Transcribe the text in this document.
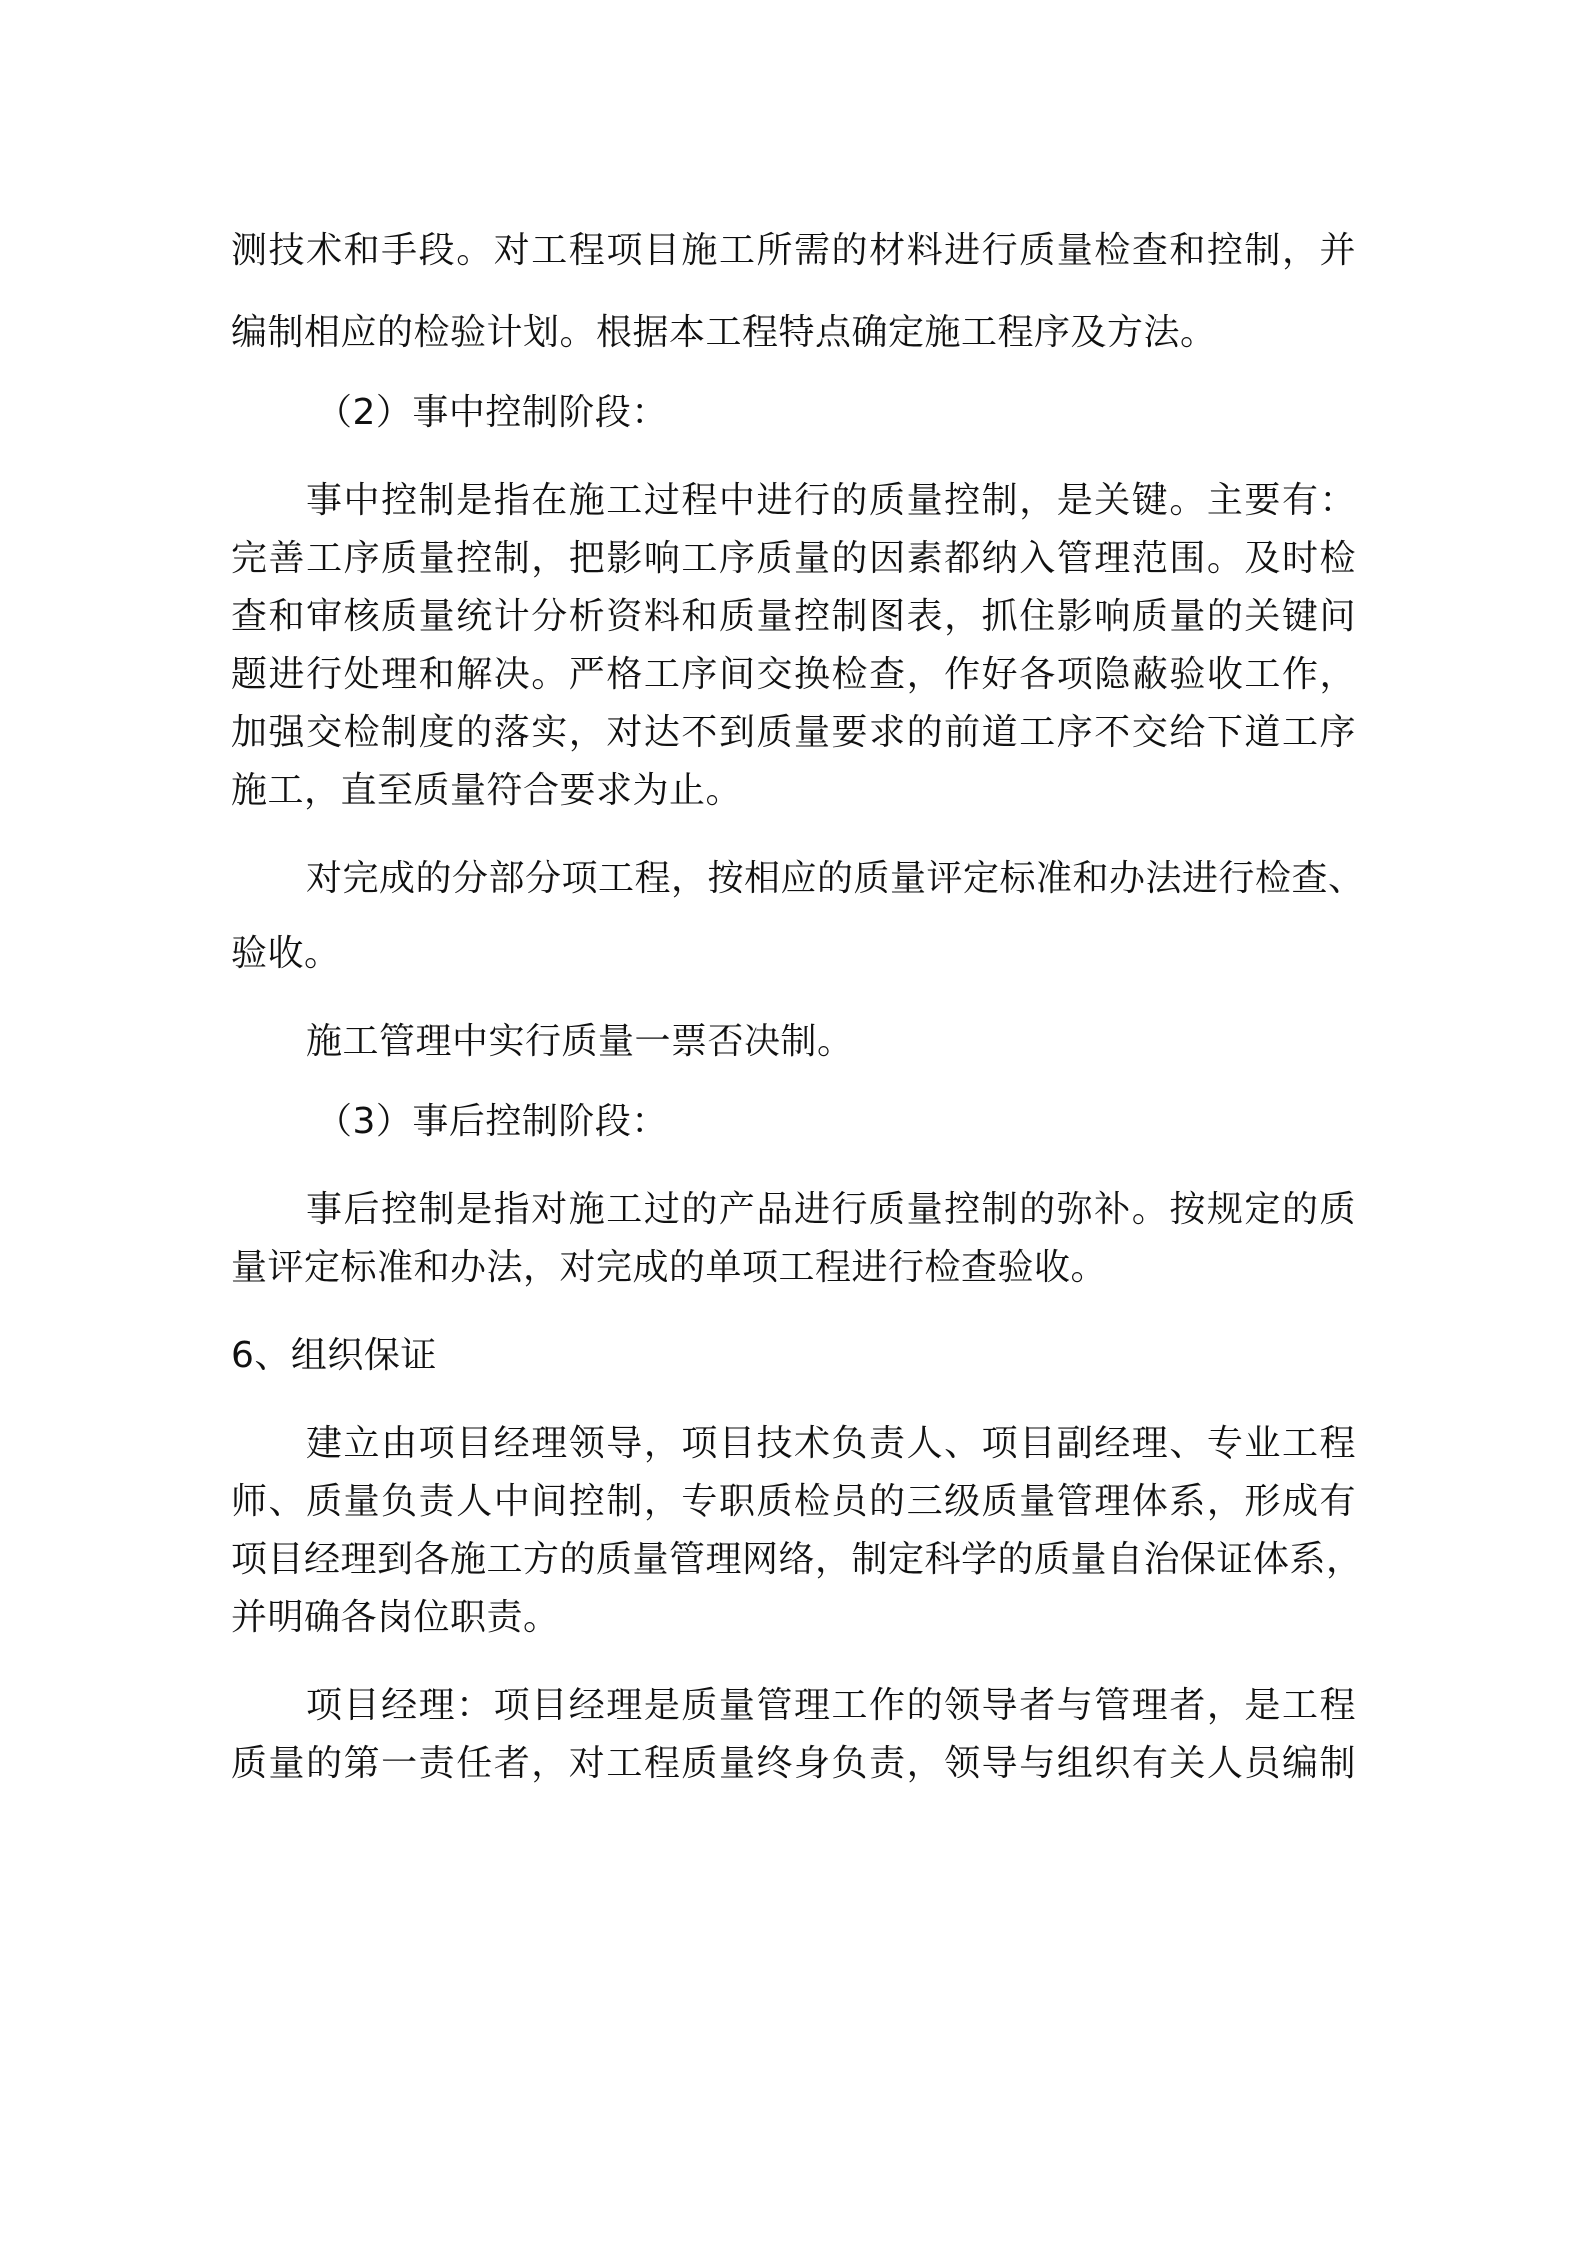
测技术和手段。对工程项目施工所需的材料进行质量检查和控制，并
编制相应的检验计划。根据本工程特点确定施工程序及方法。
（2）事中控制阶段：
事中控制是指在施工过程中进行的质量控制，是关键。主要有：
完善工序质量控制，把影响工序质量的因素都纳入管理范围。及时检
查和审核质量统计分析资料和质量控制图表，抓住影响质量的关键问
题进行处理和解决。严格工序间交换检查，作好各项隐蔽验收工作，
加强交检制度的落实，对达不到质量要求的前道工序不交给下道工序
施工，直至质量符合要求为止。
对完成的分部分项工程，按相应的质量评定标准和办法进行检查、
验收。
施工管理中实行质量一票否决制。
（3）事后控制阶段：
事后控制是指对施工过的产品进行质量控制的弥补。按规定的质
量评定标准和办法，对完成的单项工程进行检查验收。
6、组织保证
建立由项目经理领导，项目技术负责人、项目副经理、专业工程
师、质量负责人中间控制，专职质检员的三级质量管理体系，形成有
项目经理到各施工方的质量管理网络，制定科学的质量自治保证体系，
并明确各岗位职责。
项目经理：项目经理是质量管理工作的领导者与管理者，是工程
质量的第一责任者，对工程质量终身负责，领导与组织有关人员编制
